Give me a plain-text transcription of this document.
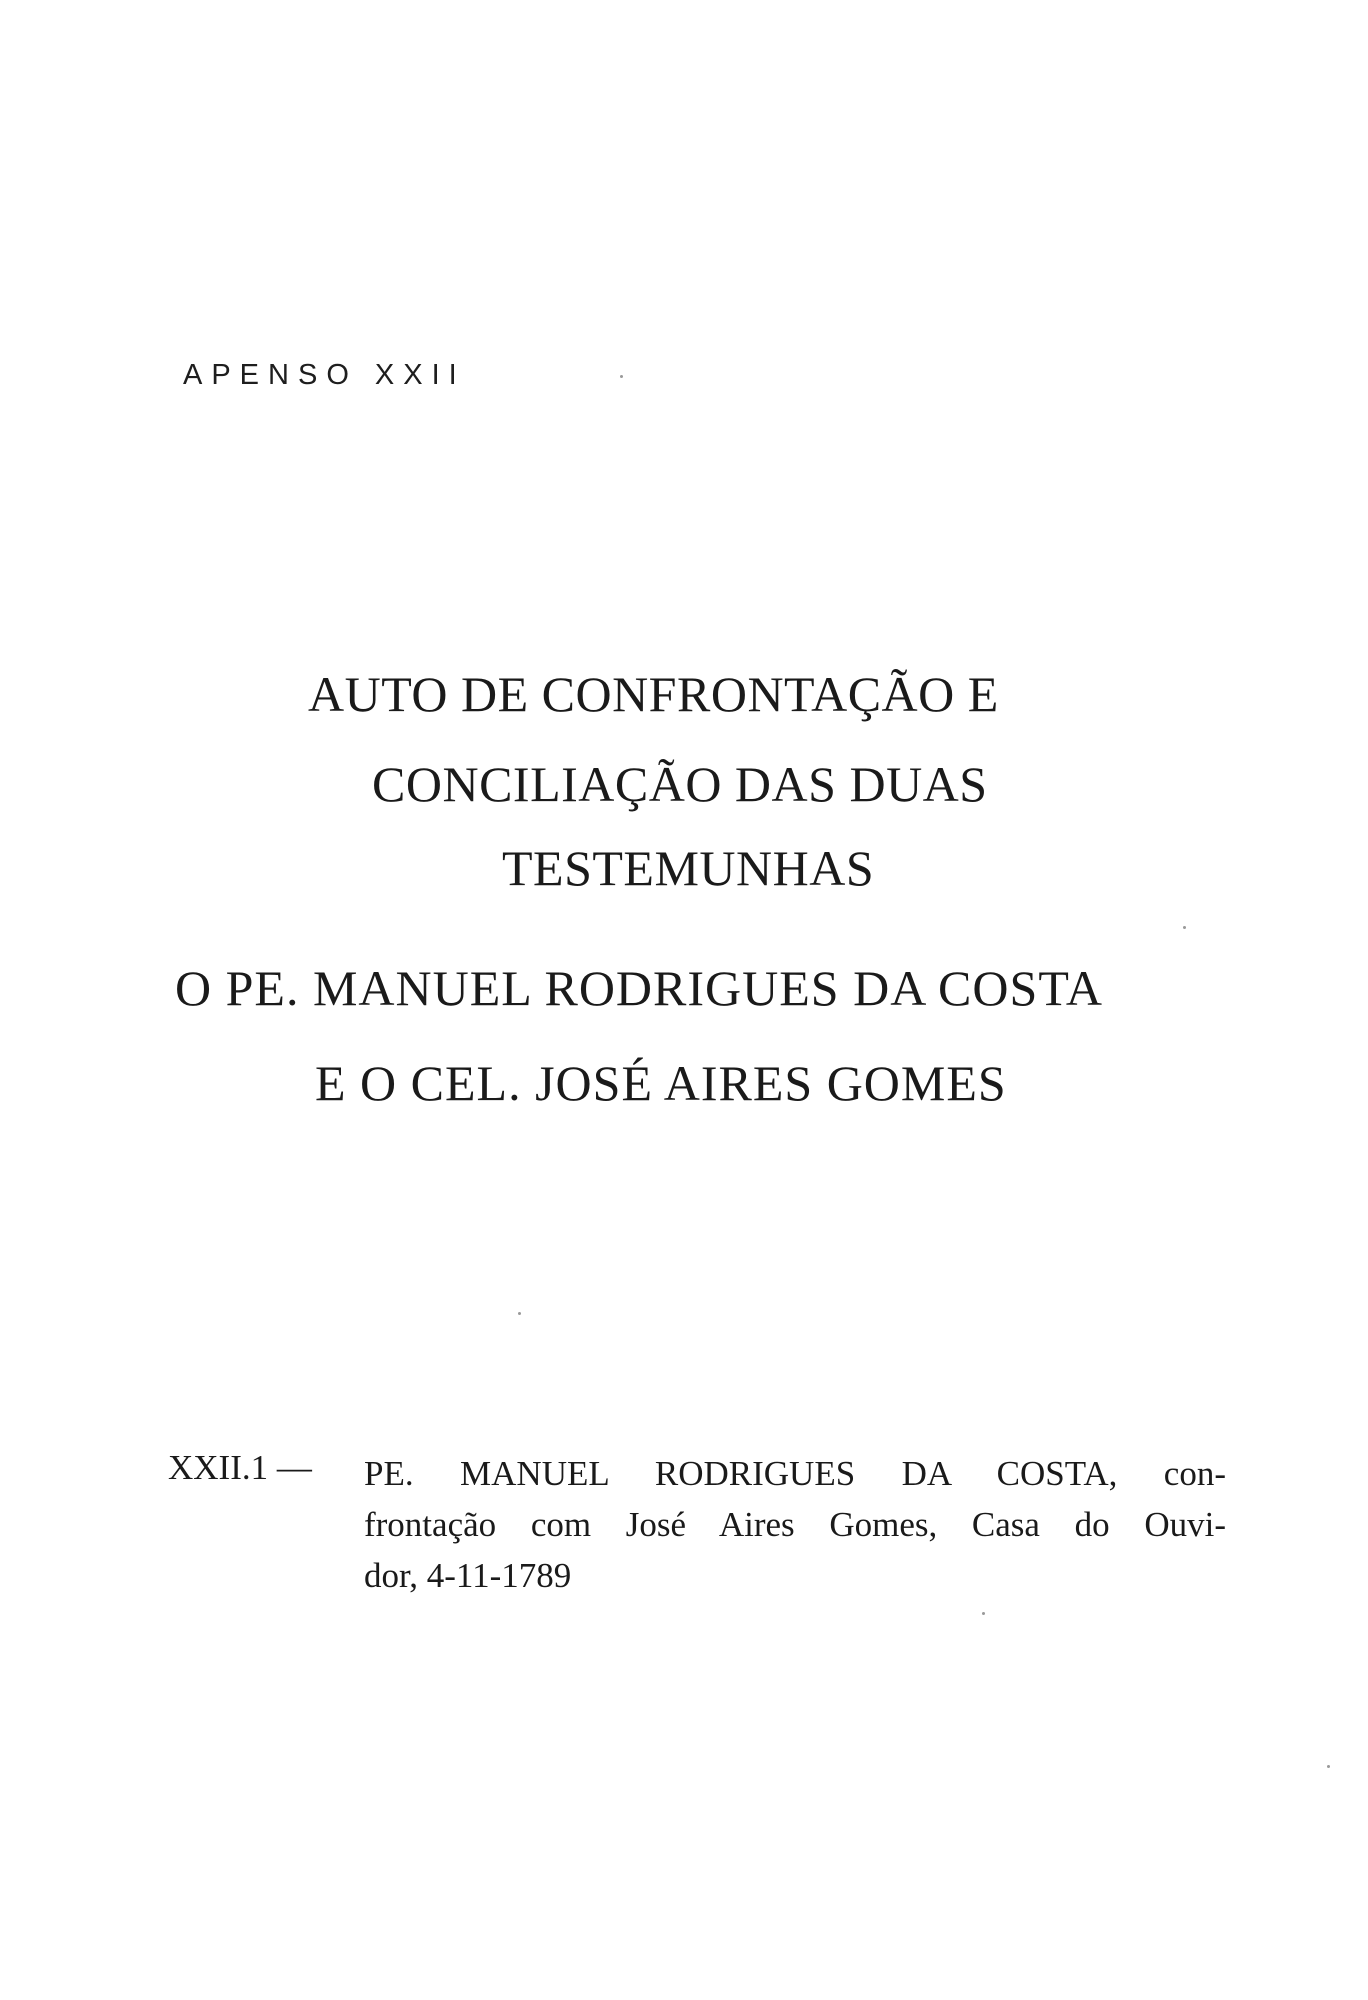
APENSO XXII
AUTO DE CONFRONTAÇÃO E
CONCILIAÇÃO DAS DUAS
TESTEMUNHAS
O PE. MANUEL RODRIGUES DA COSTA
E O CEL. JOSÉ AIRES GOMES
XXII.1 — PE. MANUEL RODRIGUES DA COSTA, con-
frontação com José Aires Gomes, Casa do Ouvi-
dor, 4-11-1789
